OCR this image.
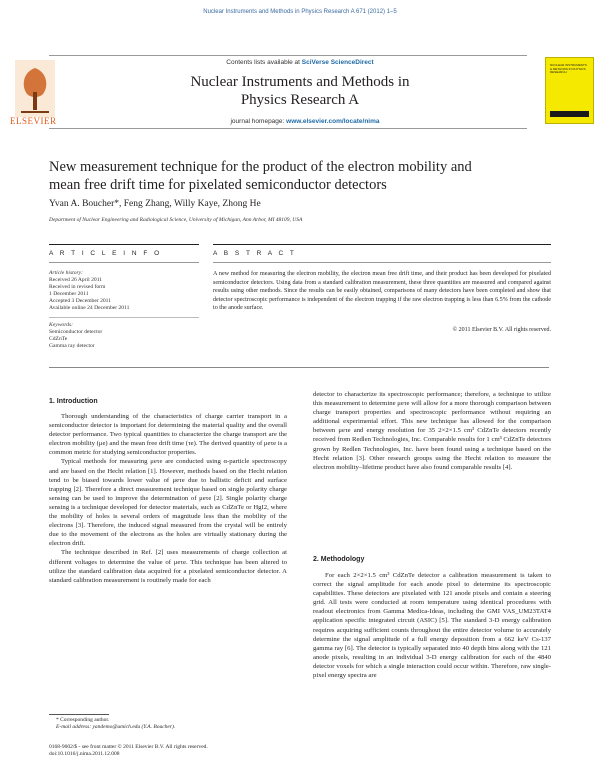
Nuclear Instruments and Methods in Physics Research A 671 (2012) 1–5
Contents lists available at SciVerse ScienceDirect
ELSEVIER
Nuclear Instruments and Methods in
Physics Research A
journal homepage: www.elsevier.com/locate/nima
NUCLEAR INSTRUMENTS & METHODS IN PHYSICS RESEARCH
New measurement technique for the product of the electron mobility and
mean free drift time for pixelated semiconductor detectors
Yvan A. Boucher*, Feng Zhang, Willy Kaye, Zhong He
Department of Nuclear Engineering and Radiological Science, University of Michigan, Ann Arbor, MI 48109, USA
A R T I C L E I N F O	A B S T R A C T
Article history:
Received 26 April 2011
Received in revised form
1 December 2011
Accepted 3 December 2011
Available online 24 December 2011
Keywords:
Semiconductor detector
CdZnTe
Gamma ray detector
A new method for measuring the electron mobility, the electron mean free drift time, and their product has been developed for pixelated semiconductor detectors. Using data from a standard calibration measurement, these three quantities are measured and compared against results using other methods. Since the results can be easily obtained, comparisons of many detectors have been completed and show that detector spectroscopic performance is independent of the electron trapping if the raw electron trapping is less than 6.5% from the cathode to the anode surface.
© 2011 Elsevier B.V. All rights reserved.
1. Introduction

Thorough understanding of the characteristics of charge carrier transport in a semiconductor detector is important for determining the material quality and the overall detector performance. Two typical quantities to characterize the charge transport are the electron mobility (μe) and the mean free drift time (τe). The derived quantity of μeτe is a common metric for studying semiconductor properties.

Typical methods for measuring μeτe are conducted using α-particle spectroscopy and are based on the Hecht relation [1]. However, methods based on the Hecht relation tend to be biased towards lower value of μeτe due to ballistic deficit and surface trapping [2]. Therefore a direct measurement technique based on single polarity charge sensing can be used to improve the determination of μeτe [2]. Single polarity charge sensing is a technique developed for detector materials, such as CdZnTe or HgI2, where the mobility of holes is several orders of magnitude less than the mobility of the electrons [3]. Therefore, the induced signal measured from the crystal will be entirely due to the movement of the electrons as the holes are virtually stationary during the electron drift.

The technique described in Ref. [2] uses measurements of charge collection at different voltages to determine the value of μeτe. This technique has been altered to utilize the standard calibration data acquired for a pixelated semiconductor detector. A standard calibration measurement is routinely made for each

detector to characterize its spectroscopic performance; therefore, a technique to utilize this measurement to determine μeτe will allow for a more thorough comparison between charge transport properties and spectroscopic performance without requiring an additional experimental effort. This new technique has allowed for the comparison between μeτe and energy resolution for 35 2×2×1.5 cm³ CdZnTe detectors recently received from Redlen Technologies, Inc. Comparable results for 1 cm³ CdZnTe detectors grown by Redlen Technologies, Inc. have been found using a technique based on the Hecht relation [3]. Other research groups using the Hecht relation to measure the electron mobility–lifetime product have also found comparable results [4].

2. Methodology

For each 2×2×1.5 cm³ CdZnTe detector a calibration measurement is taken to correct the signal amplitude for each anode pixel to determine its spectroscopic capabilities. These detectors are pixelated with 121 anode pixels and contain a steering grid. All tests were conducted at room temperature using identical procedures with readout electronics from Gamma Medica-Ideas, including the GMI VAS_UM23TAT4 application specific integrated circuit (ASIC) [5]. The standard 3-D energy calibration requires acquiring sufficient counts throughout the entire detector volume to accurately determine the signal amplitude of a full energy deposition from a 662 keV Cs-137 gamma ray [6]. The detector is typically separated into 40 depth bins along with the 121 anode pixels, resulting in an individual 3-D energy calibration for each of the 4840 detector voxels for which a single interaction could occur within. Therefore, raw single-pixel energy spectra are

* Corresponding author.
E-mail address: yandemo@umich.edu (Y.A. Boucher).
0168-9002/$ - see front matter © 2011 Elsevier B.V. All rights reserved.
doi:10.1016/j.nima.2011.12.008
